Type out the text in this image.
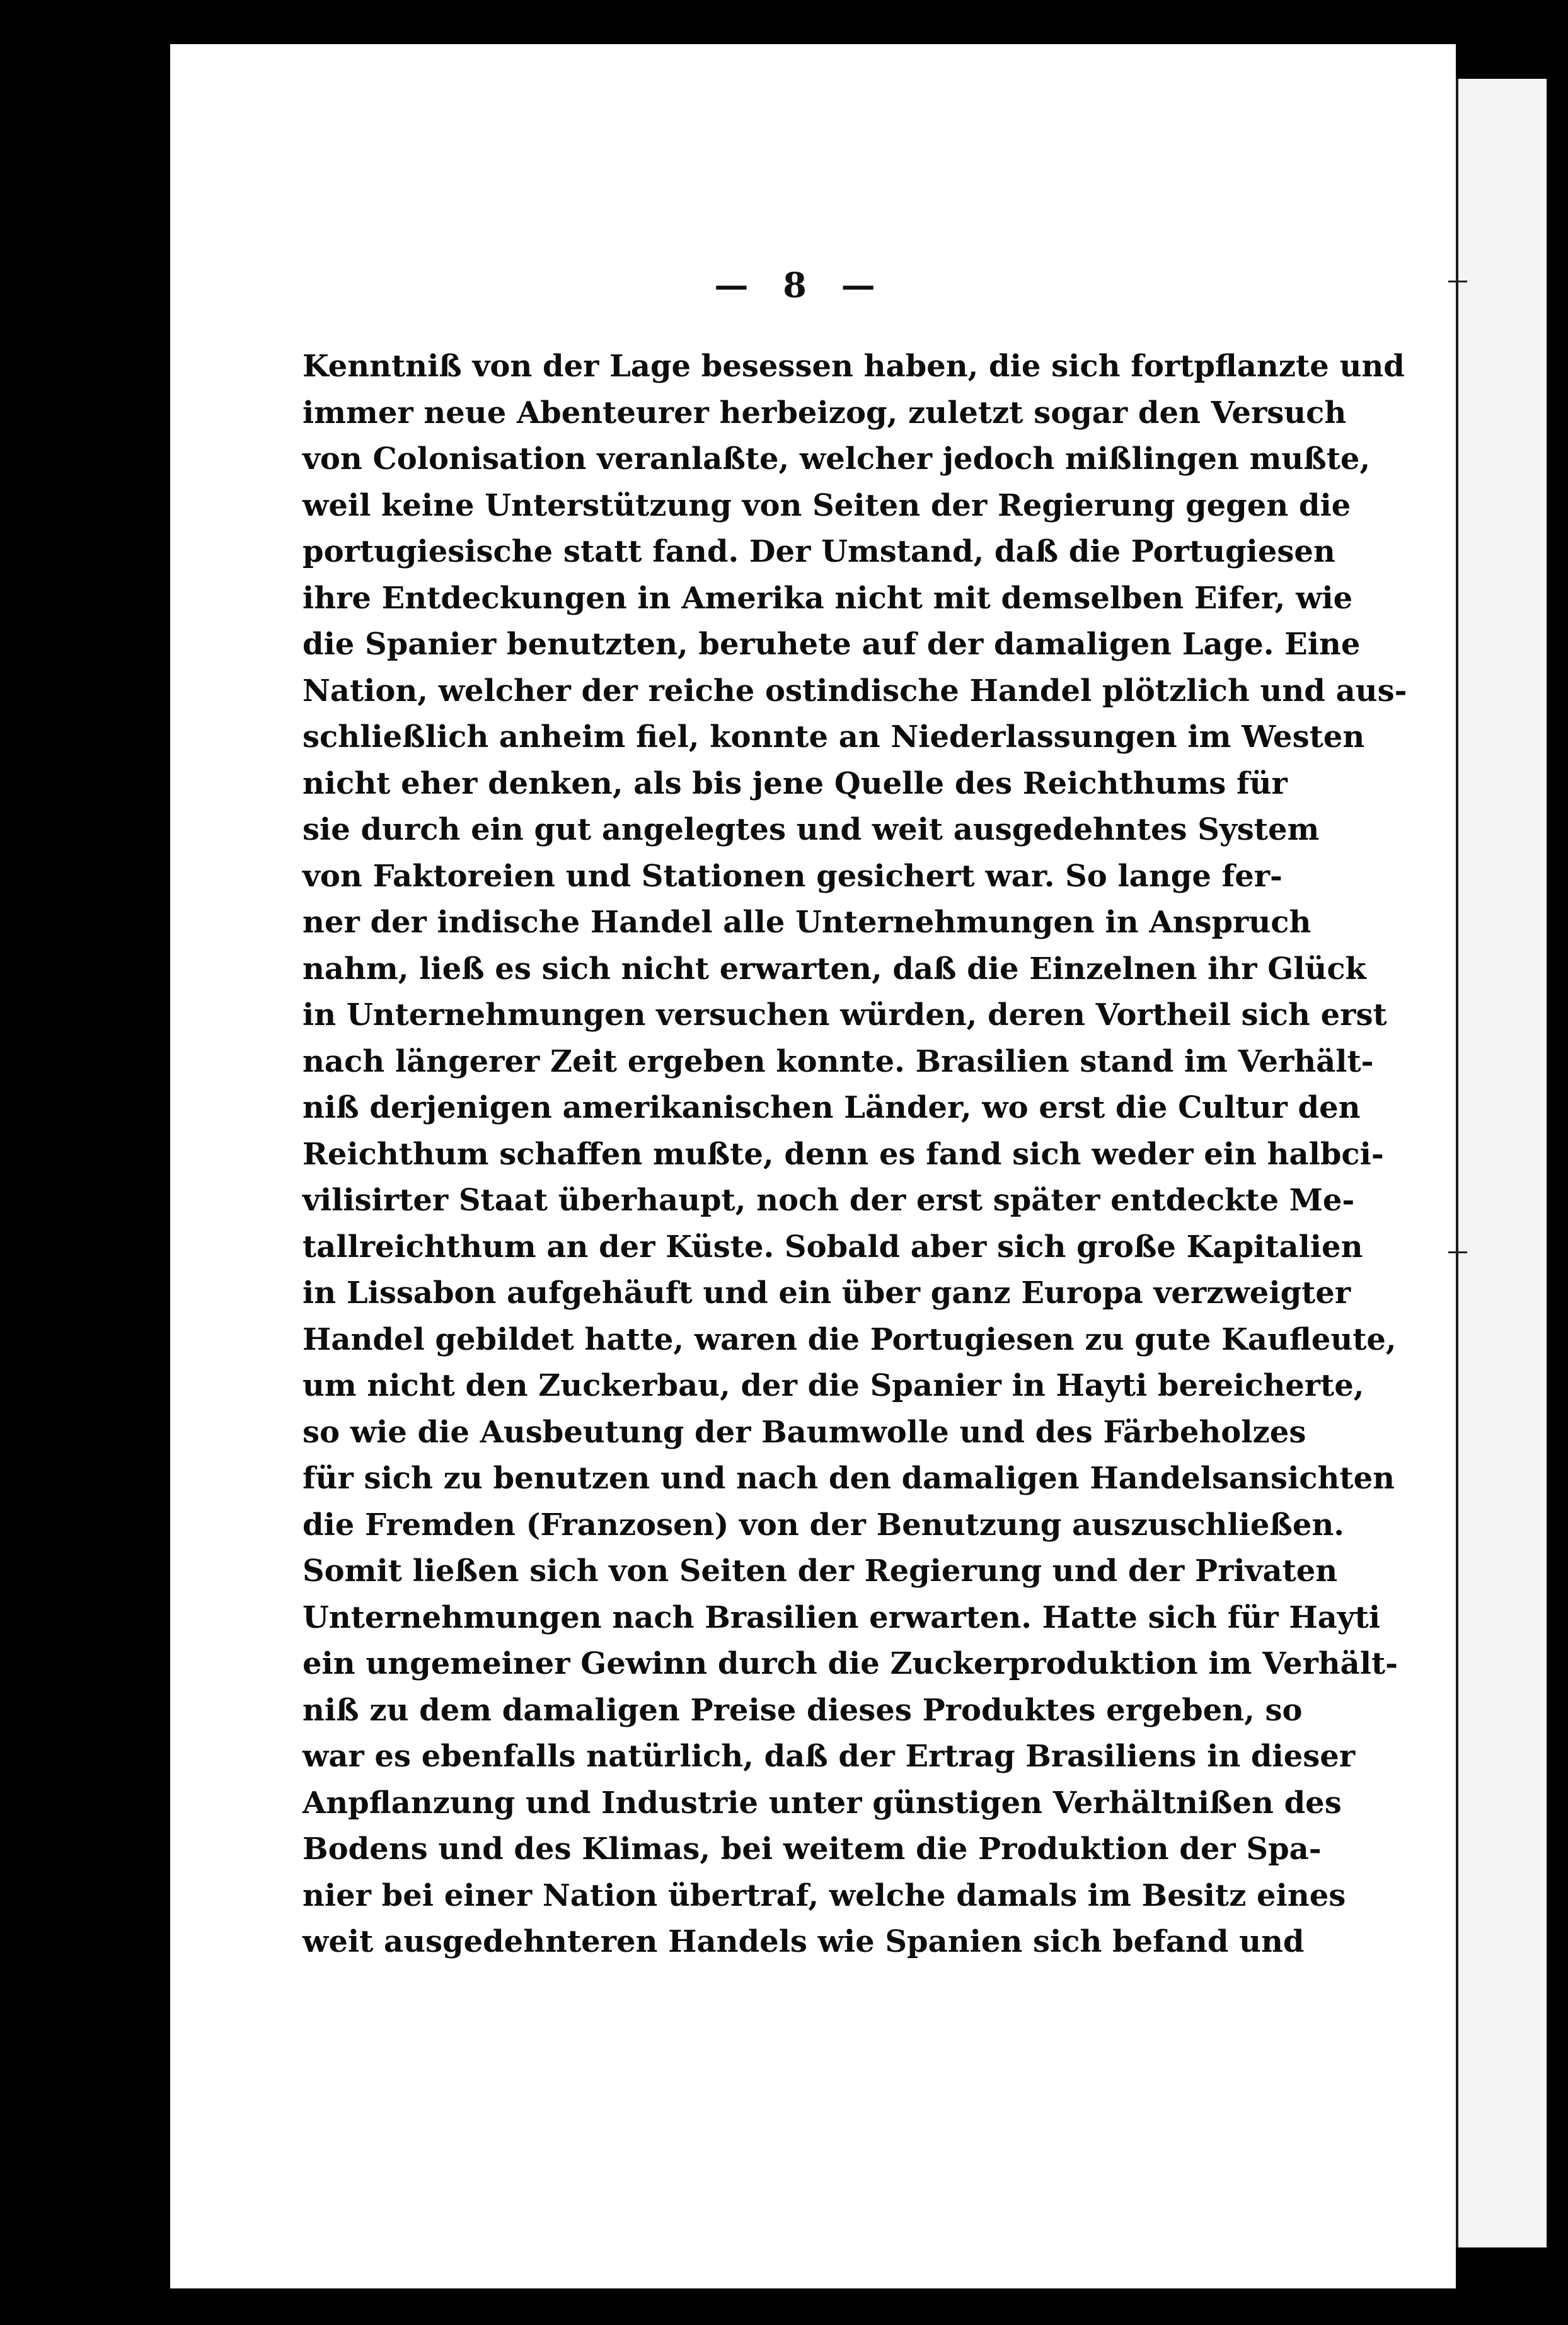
— 8 —
Kenntniß von der Lage besessen haben, die sich fortpflanzte und
immer neue Abenteurer herbeizog, zuletzt sogar den Versuch
von Colonisation veranlaßte, welcher jedoch mißlingen mußte,
weil keine Unterstützung von Seiten der Regierung gegen die
portugiesische statt fand. Der Umstand, daß die Portugiesen
ihre Entdeckungen in Amerika nicht mit demselben Eifer, wie
die Spanier benutzten, beruhete auf der damaligen Lage. Eine
Nation, welcher der reiche ostindische Handel plötzlich und aus-
schließlich anheim fiel, konnte an Niederlassungen im Westen
nicht eher denken, als bis jene Quelle des Reichthums für
sie durch ein gut angelegtes und weit ausgedehntes System
von Faktoreien und Stationen gesichert war. So lange fer-
ner der indische Handel alle Unternehmungen in Anspruch
nahm, ließ es sich nicht erwarten, daß die Einzelnen ihr Glück
in Unternehmungen versuchen würden, deren Vortheil sich erst
nach längerer Zeit ergeben konnte. Brasilien stand im Verhält-
niß derjenigen amerikanischen Länder, wo erst die Cultur den
Reichthum schaffen mußte, denn es fand sich weder ein halbci-
vilisirter Staat überhaupt, noch der erst später entdeckte Me-
tallreichthum an der Küste. Sobald aber sich große Kapitalien
in Lissabon aufgehäuft und ein über ganz Europa verzweigter
Handel gebildet hatte, waren die Portugiesen zu gute Kaufleute,
um nicht den Zuckerbau, der die Spanier in Hayti bereicherte,
so wie die Ausbeutung der Baumwolle und des Färbeholzes
für sich zu benutzen und nach den damaligen Handelsansichten
die Fremden (Franzosen) von der Benutzung auszuschließen.
Somit ließen sich von Seiten der Regierung und der Privaten
Unternehmungen nach Brasilien erwarten. Hatte sich für Hayti
ein ungemeiner Gewinn durch die Zuckerproduktion im Verhält-
niß zu dem damaligen Preise dieses Produktes ergeben, so
war es ebenfalls natürlich, daß der Ertrag Brasiliens in dieser
Anpflanzung und Industrie unter günstigen Verhältnißen des
Bodens und des Klimas, bei weitem die Produktion der Spa-
nier bei einer Nation übertraf, welche damals im Besitz eines
weit ausgedehnteren Handels wie Spanien sich befand und
